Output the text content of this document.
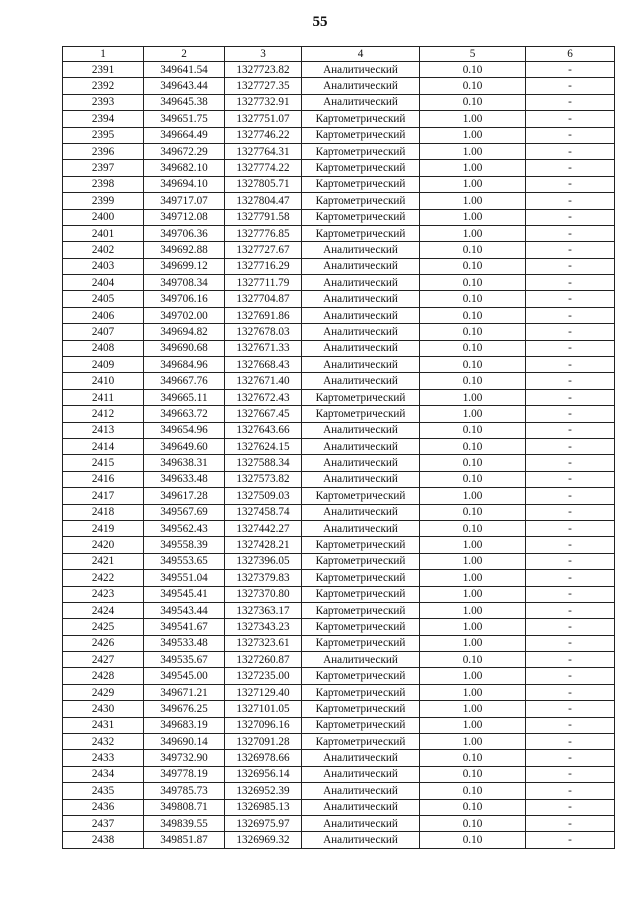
55
1	2	3	4	5	6
2391	349641.54	1327723.82	Аналитический	0.10	-
2392	349643.44	1327727.35	Аналитический	0.10	-
2393	349645.38	1327732.91	Аналитический	0.10	-
2394	349651.75	1327751.07	Картометрический	1.00	-
2395	349664.49	1327746.22	Картометрический	1.00	-
2396	349672.29	1327764.31	Картометрический	1.00	-
2397	349682.10	1327774.22	Картометрический	1.00	-
2398	349694.10	1327805.71	Картометрический	1.00	-
2399	349717.07	1327804.47	Картометрический	1.00	-
2400	349712.08	1327791.58	Картометрический	1.00	-
2401	349706.36	1327776.85	Картометрический	1.00	-
2402	349692.88	1327727.67	Аналитический	0.10	-
2403	349699.12	1327716.29	Аналитический	0.10	-
2404	349708.34	1327711.79	Аналитический	0.10	-
2405	349706.16	1327704.87	Аналитический	0.10	-
2406	349702.00	1327691.86	Аналитический	0.10	-
2407	349694.82	1327678.03	Аналитический	0.10	-
2408	349690.68	1327671.33	Аналитический	0.10	-
2409	349684.96	1327668.43	Аналитический	0.10	-
2410	349667.76	1327671.40	Аналитический	0.10	-
2411	349665.11	1327672.43	Картометрический	1.00	-
2412	349663.72	1327667.45	Картометрический	1.00	-
2413	349654.96	1327643.66	Аналитический	0.10	-
2414	349649.60	1327624.15	Аналитический	0.10	-
2415	349638.31	1327588.34	Аналитический	0.10	-
2416	349633.48	1327573.82	Аналитический	0.10	-
2417	349617.28	1327509.03	Картометрический	1.00	-
2418	349567.69	1327458.74	Аналитический	0.10	-
2419	349562.43	1327442.27	Аналитический	0.10	-
2420	349558.39	1327428.21	Картометрический	1.00	-
2421	349553.65	1327396.05	Картометрический	1.00	-
2422	349551.04	1327379.83	Картометрический	1.00	-
2423	349545.41	1327370.80	Картометрический	1.00	-
2424	349543.44	1327363.17	Картометрический	1.00	-
2425	349541.67	1327343.23	Картометрический	1.00	-
2426	349533.48	1327323.61	Картометрический	1.00	-
2427	349535.67	1327260.87	Аналитический	0.10	-
2428	349545.00	1327235.00	Картометрический	1.00	-
2429	349671.21	1327129.40	Картометрический	1.00	-
2430	349676.25	1327101.05	Картометрический	1.00	-
2431	349683.19	1327096.16	Картометрический	1.00	-
2432	349690.14	1327091.28	Картометрический	1.00	-
2433	349732.90	1326978.66	Аналитический	0.10	-
2434	349778.19	1326956.14	Аналитический	0.10	-
2435	349785.73	1326952.39	Аналитический	0.10	-
2436	349808.71	1326985.13	Аналитический	0.10	-
2437	349839.55	1326975.97	Аналитический	0.10	-
2438	349851.87	1326969.32	Аналитический	0.10	-
